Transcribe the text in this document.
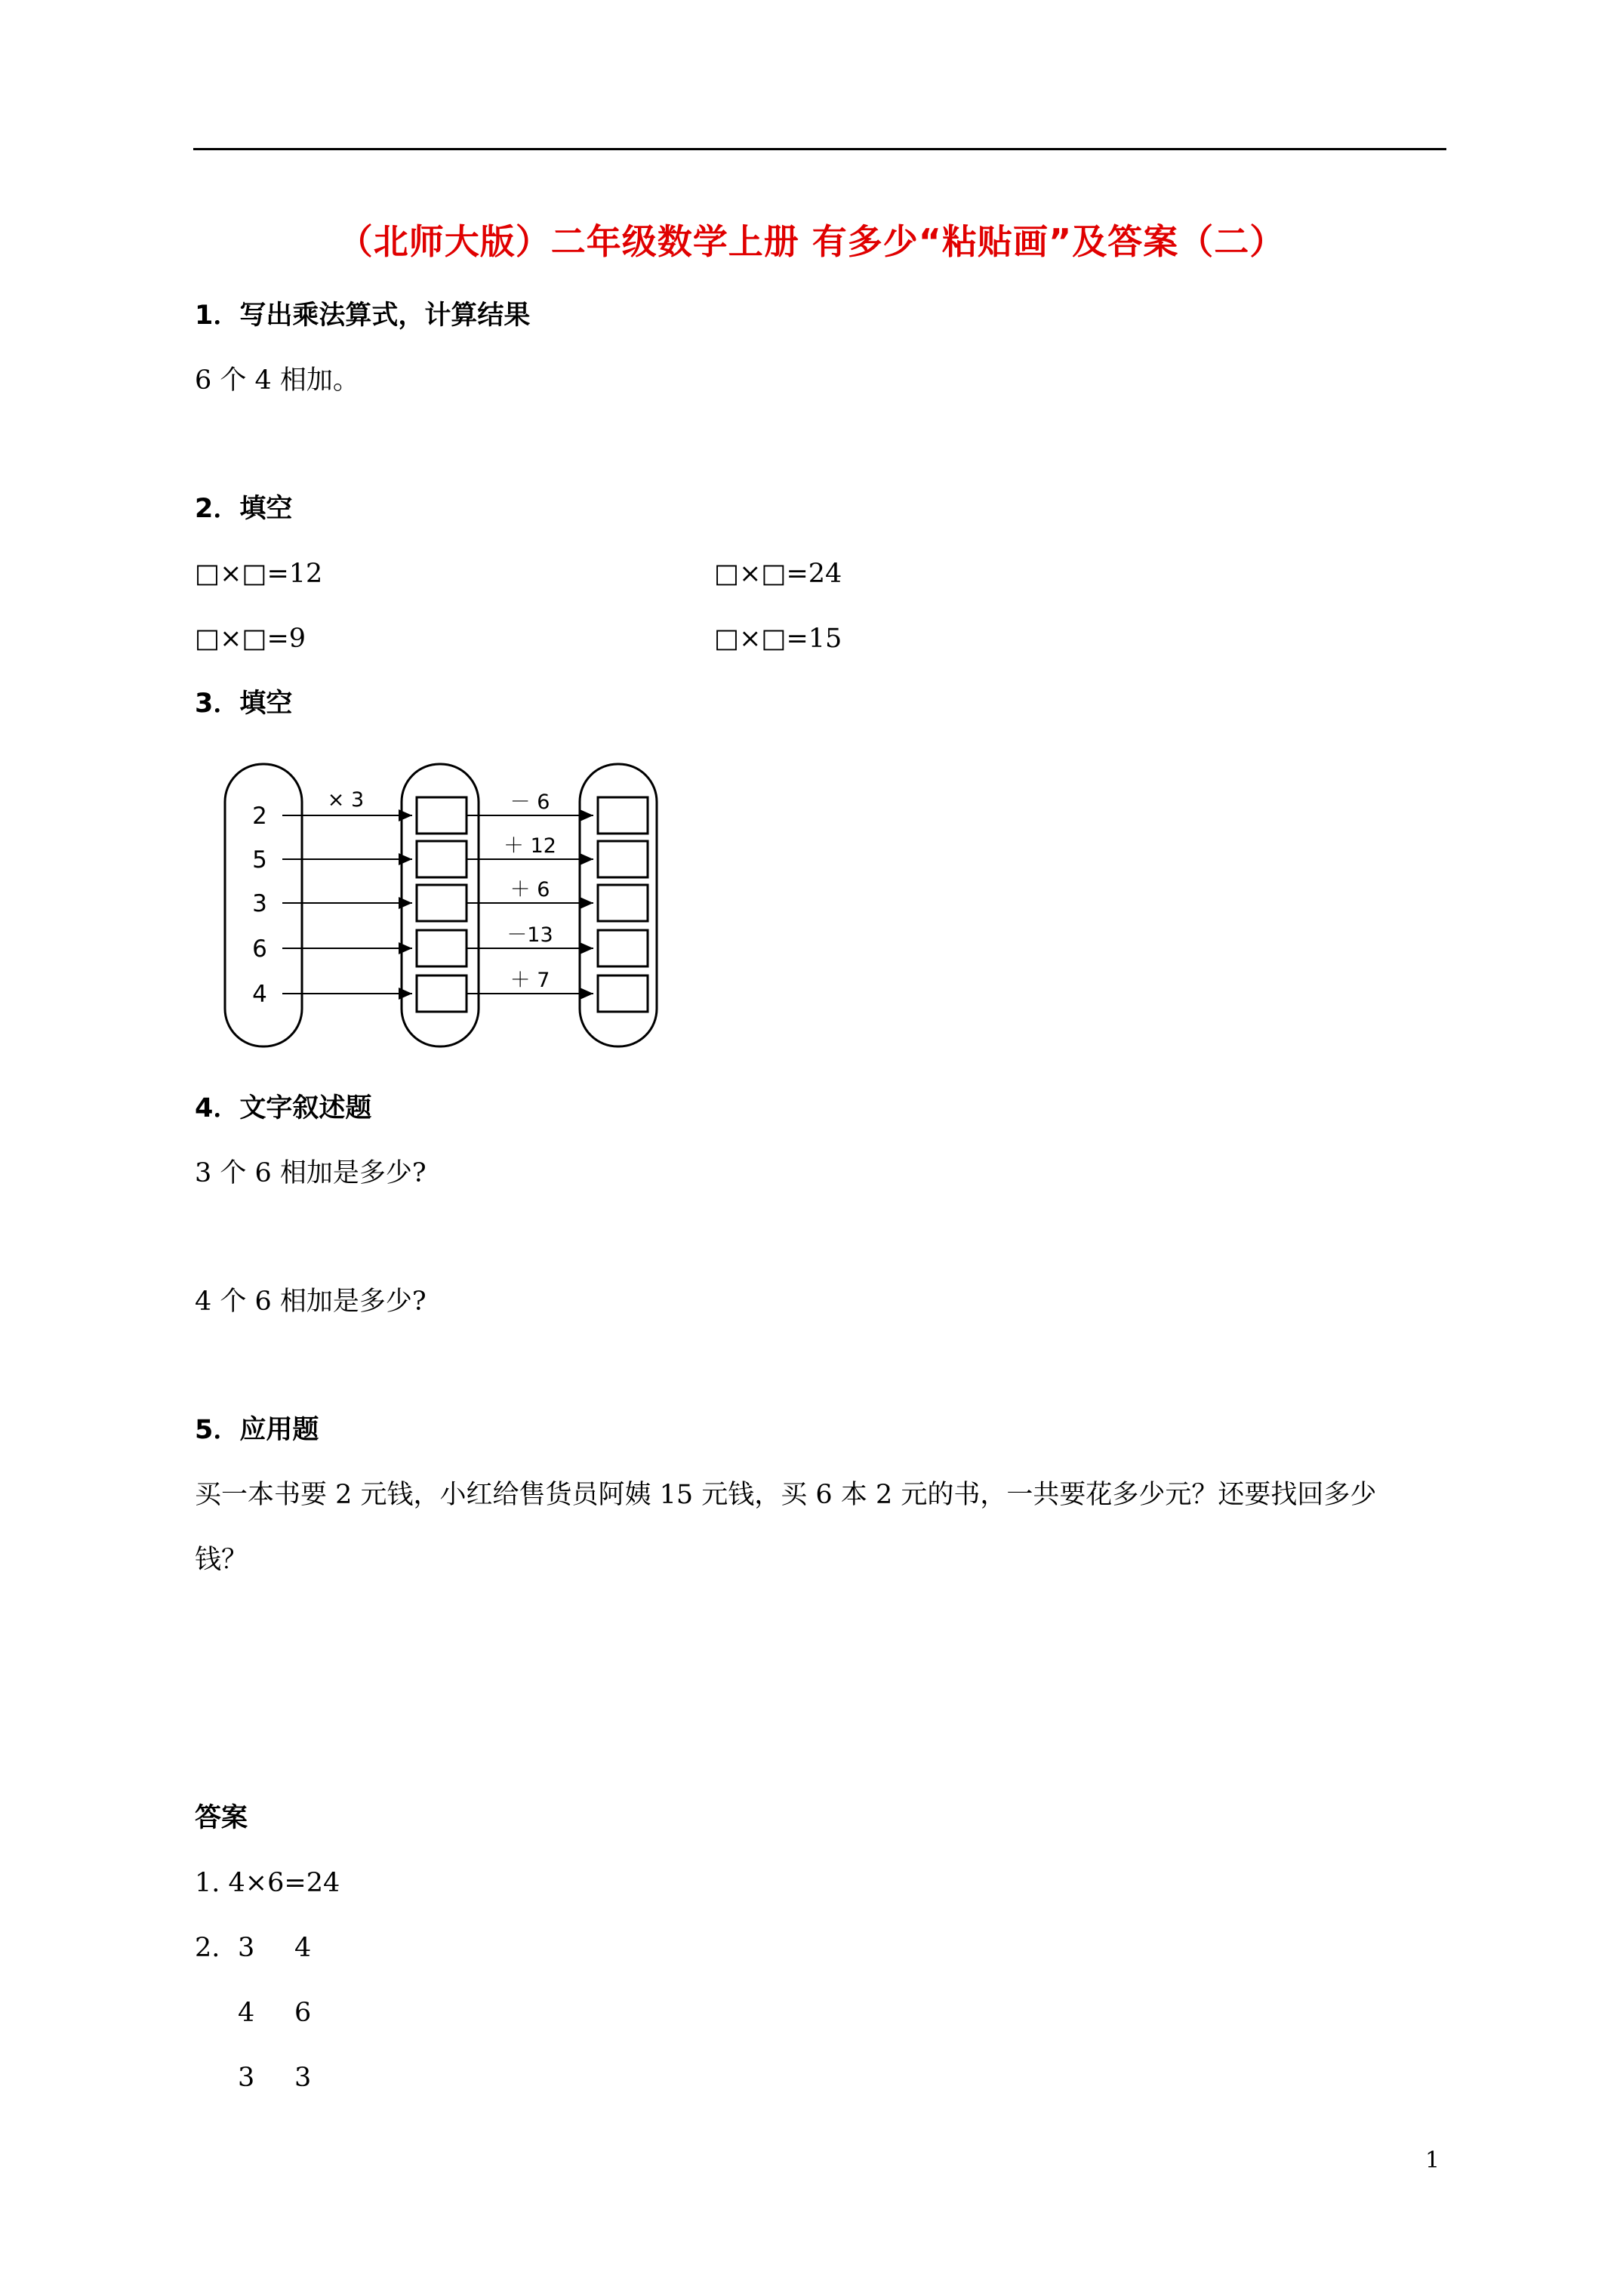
（北师大版）二年级数学上册 有多少“粘贴画”及答案（二）
1．写出乘法算式，计算结果
6 个 4 相加。
2．填空
□×□=12	□×□=24
□×□=9	□×□=15
3．填空
2
－ 6
5
＋ 12
3
＋ 6
6
－13
4
＋ 7
× 3
4．文字叙述题
3 个 6 相加是多少?
4 个 6 相加是多少?
5．应用题
买一本书要 2 元钱，小红给售货员阿姨 15 元钱，买 6 本 2 元的书，一共要花多少元？还要找回多少
钱？
答案
1. 4×6=24
2. 3 4
4 6
3 3
1
